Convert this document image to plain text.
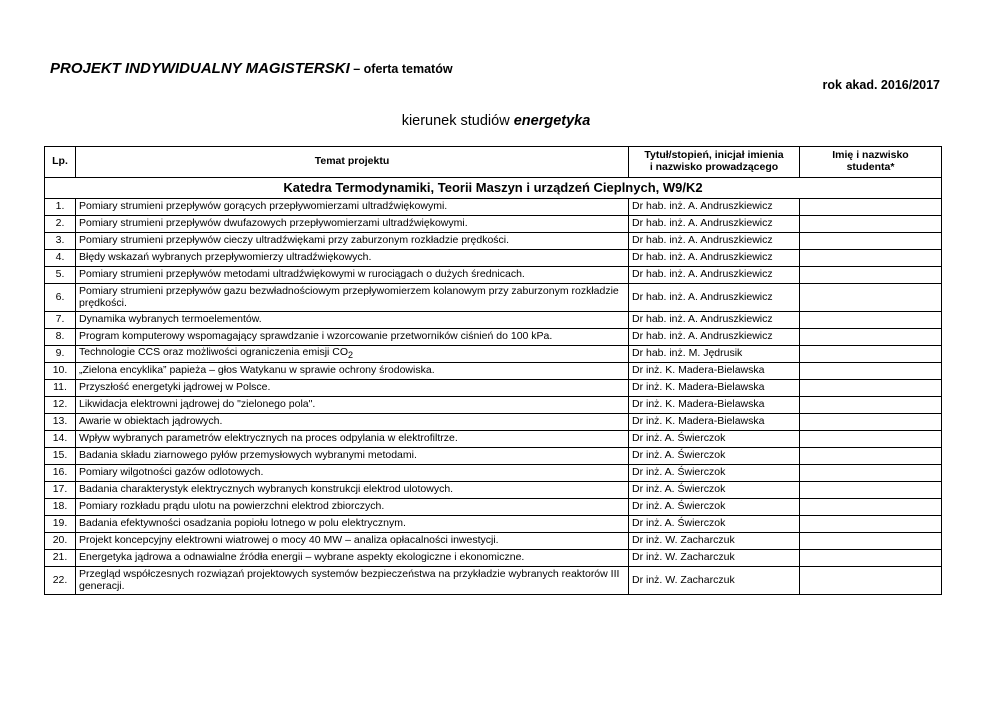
PROJEKT INDYWIDUALNY MAGISTERSKI – oferta tematów
rok akad. 2016/2017
kierunek studiów energetyka
Lp.	Temat projektu	Tytuł/stopień, inicjał imienia
i nazwisko prowadzącego	Imię i nazwisko
studenta*
Katedra Termodynamiki, Teorii Maszyn i urządzeń Cieplnych, W9/K2			
1.	Pomiary strumieni przepływów gorących przepływomierzami ultradźwiękowymi.	Dr hab. inż. A. Andruszkiewicz	
2.	Pomiary strumieni przepływów dwufazowych przepływomierzami ultradźwiękowymi.	Dr hab. inż. A. Andruszkiewicz	
3.	Pomiary strumieni przepływów cieczy ultradźwiękami przy zaburzonym rozkładzie prędkości.	Dr hab. inż. A. Andruszkiewicz	
4.	Błędy wskazań wybranych przepływomierzy ultradźwiękowych.	Dr hab. inż. A. Andruszkiewicz	
5.	Pomiary strumieni przepływów metodami ultradźwiękowymi w rurociągach o dużych średnicach.	Dr hab. inż. A. Andruszkiewicz	
6.	Pomiary strumieni przepływów gazu bezwładnościowym przepływomierzem kolanowym przy zaburzonym rozkładzie prędkości.	Dr hab. inż. A. Andruszkiewicz	
7.	Dynamika wybranych termoelementów.	Dr hab. inż. A. Andruszkiewicz	
8.	Program komputerowy wspomagający sprawdzanie i wzorcowanie przetworników ciśnień do 100 kPa.	Dr hab. inż. A. Andruszkiewicz	
9.	Technologie CCS oraz możliwości ograniczenia emisji CO2	Dr hab. inż. M. Jędrusik	
10.	„Zielona encyklika” papieża – głos Watykanu w sprawie ochrony środowiska.	Dr inż. K. Madera-Bielawska	
11.	Przyszłość energetyki jądrowej w Polsce.	Dr inż. K. Madera-Bielawska	
12.	Likwidacja elektrowni jądrowej do "zielonego pola".	Dr inż. K. Madera-Bielawska	
13.	Awarie w obiektach jądrowych.	Dr inż. K. Madera-Bielawska	
14.	Wpływ wybranych parametrów elektrycznych na proces odpylania w elektrofiltrze.	Dr inż. A. Świerczok	
15.	Badania składu ziarnowego pyłów przemysłowych wybranymi metodami.	Dr inż. A. Świerczok	
16.	Pomiary wilgotności gazów odlotowych.	Dr inż. A. Świerczok	
17.	Badania charakterystyk elektrycznych wybranych konstrukcji elektrod ulotowych.	Dr inż. A. Świerczok	
18.	Pomiary rozkładu prądu ulotu na powierzchni elektrod zbiorczych.	Dr inż. A. Świerczok	
19.	Badania efektywności osadzania popiołu lotnego w polu elektrycznym.	Dr inż. A. Świerczok	
20.	Projekt koncepcyjny elektrowni wiatrowej o mocy 40 MW – analiza opłacalności inwestycji.	Dr inż. W. Zacharczuk	
21.	Energetyka jądrowa a odnawialne źródła energii – wybrane aspekty ekologiczne i ekonomiczne.	Dr inż. W. Zacharczuk	
22.	Przegląd współczesnych rozwiązań projektowych systemów bezpieczeństwa na przykładzie wybranych reaktorów III generacji.	Dr inż. W. Zacharczuk	
